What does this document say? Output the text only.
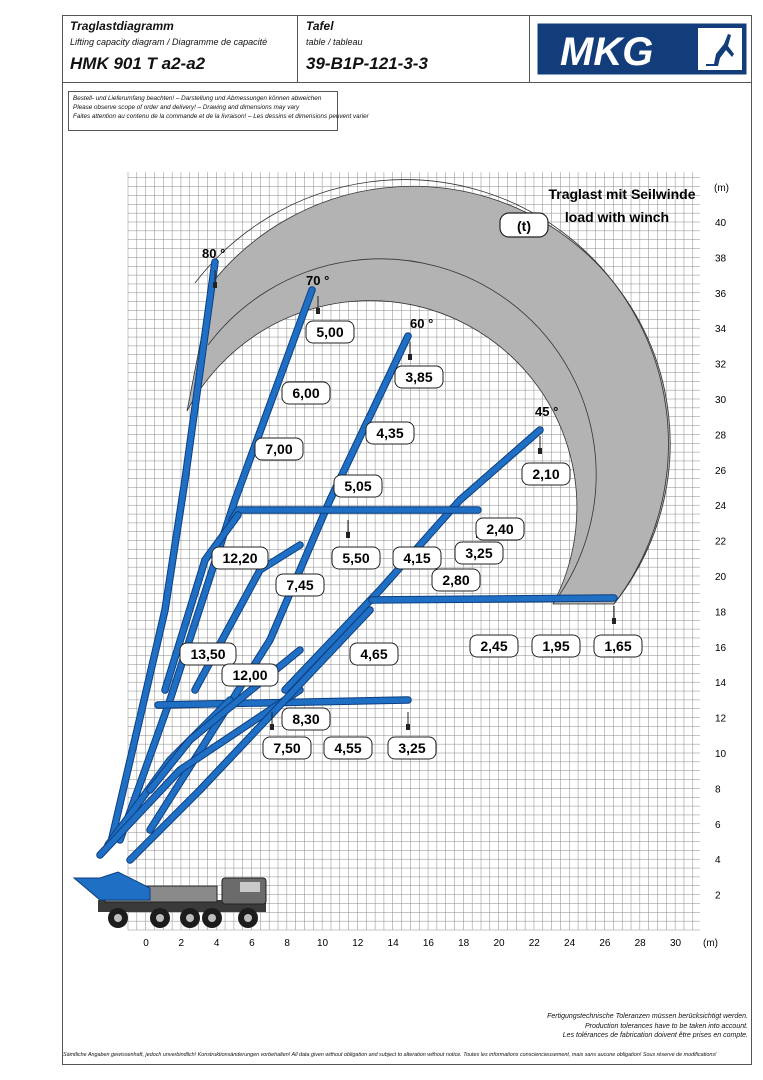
Traglastdiagramm
Lifting capacity diagram / Diagramme de capacité
HMK 901 T a2-a2
Tafel
table / tableau
39-B1P-121-3-3	MKG
Bestell- und Lieferumfang beachten! – Darstellung und Abmessungen können abweichen
Please observe scope of order and delivery! – Drawing and dimensions may vary
Faites attention au contenu de la commande et de la livraison! – Les dessins et dimensions peuvent varier
0	2	4	6	8	10 12 14 16 18 20 22 24 26 28 30
2
4
6
8
10
12
14
16
18
20
22
24
26
28
30
32
34
36
38
40
5,00
6,00
7,00
3,85
4,35
5,05
2,10
2,40
12,20	5,50 4,15 3,25
7,45	2,80
2,45 1,95 1,65
13,50	4,65
12,00
8,30
7,50 4,55	3,25
Traglast mit Seilwinde
load with winch
(t)
80 °
70 °
60 °
45 °
(m)
(m)
Fertigungstechnische Toleranzen müssen berücksichtigt werden.
Production tolerances have to be taken into account.
Les tolérances de fabrication doivent être prises en compte.
Sämtliche Angaben gewissenhaft, jedoch unverbindlich! Konstruktionsänderungen vorbehalten! All data given without obligation and subject to alteration without notice. Toutes les informations consciencieusement, mais sans aucune obligation! Sous réserve de modifications!
